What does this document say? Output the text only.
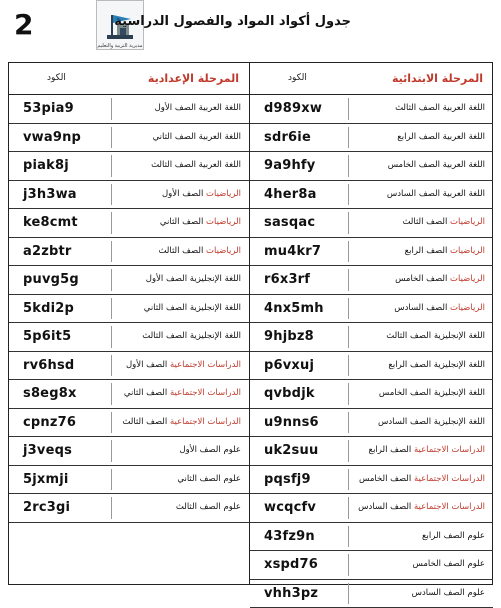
2
مديرية التربية والتعليم
جدول أكواد المواد والفصول الدراسية
الكود	المرحلة الإعدادية
53pia9	اللغة العربية الصف الأول
vwa9np	اللغة العربية الصف الثاني
piak8j	اللغة العربية الصف الثالث
j3h3wa	الرياضيات الصف الأول
ke8cmt	الرياضيات الصف الثاني
a2zbtr	الرياضيات الصف الثالث
puvg5g	اللغة الإنجليزية الصف الأول
5kdi2p	اللغة الإنجليزية الصف الثاني
5p6it5	اللغة الإنجليزية الصف الثالث
rv6hsd	الدراسات الاجتماعية الصف الأول
s8eg8x	الدراسات الاجتماعية الصف الثاني
cpnz76	الدراسات الاجتماعية الصف الثالث
j3veqs	علوم الصف الأول
5jxmji	علوم الصف الثاني
2rc3gi	علوم الصف الثالث
الكود	المرحلة الابتدائية
d989xw	اللغة العربية الصف الثالث
sdr6ie	اللغة العربية الصف الرابع
9a9hfy	اللغة العربية الصف الخامس
4her8a	اللغة العربية الصف السادس
sasqac	الرياضيات الصف الثالث
mu4kr7	الرياضيات الصف الرابع
r6x3rf	الرياضيات الصف الخامس
4nx5mh	الرياضيات الصف السادس
9hjbz8	اللغة الإنجليزية الصف الثالث
p6vxuj	اللغة الإنجليزية الصف الرابع
qvbdjk	اللغة الإنجليزية الصف الخامس
u9nns6	اللغة الإنجليزية الصف السادس
uk2suu	الدراسات الاجتماعية الصف الرابع
pqsfj9	الدراسات الاجتماعية الصف الخامس
wcqcfv	الدراسات الاجتماعية الصف السادس
43fz9n	علوم الصف الرابع
xspd76	علوم الصف الخامس
vhh3pz	علوم الصف السادس
